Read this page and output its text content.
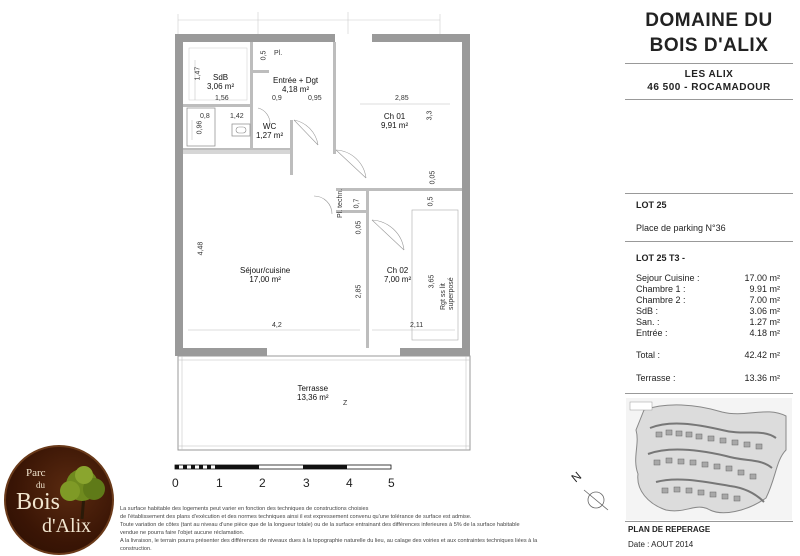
DOMAINE DU
BOIS D'ALIX
LES ALIX
46 500 - ROCAMADOUR
LOT 25
Place de parking N°36
LOT 25 T3 -
Sejour Cuisine :	17.00 m²
Chambre 1 :	9.91 m²
Chambre 2 :	7.00 m²
SdB :	3.06 m²
San. :	1.27 m²
Entrée :	4.18 m²
Total :	42.42 m²
Terrasse :	13.36 m²
PLAN DE REPERAGE
Date : AOUT 2014
SdB
3,06 m²
Entrée + Dgt
4,18 m²
Ch 01
9,91 m²
WC
1,27 m²
Séjour/cuisine
17,00 m²
Ch 02
7,00 m²
Terrasse
13,36 m²
Pl.
Pl. techn.
Rgt ss lit superposé
1,47
1,56	0,9	0,95
0,5
2,85
3,3
0,8	1,42
0,96
0,05
0,5
0,7
0,05
4,48
2,85
3,65
4,2	2,11
Z
0	1	2	3	4	5	N
Parc
du
Bois
d'Alix
La surface habitable des logements peut varier en fonction des techniques de constructions choisies
de l'établissement des plans d'exécution et des normes techniques ainsi il est expressement convenu qu'une tolérance de surface est admise.
Toute variation de côtes (tant au niveau d'une pièce que de la longueur totale) ou de la surface entrainant des différences inferieures à 5% de la surface habitable
vendue ne pourra faire l'objet aucune réclamation.
A la livraison, le terrain pourra présenter des différences de niveaux dues à la topographie naturelle du lieu, au calage des voiries et aux contraintes techniques liées à la
construction.
